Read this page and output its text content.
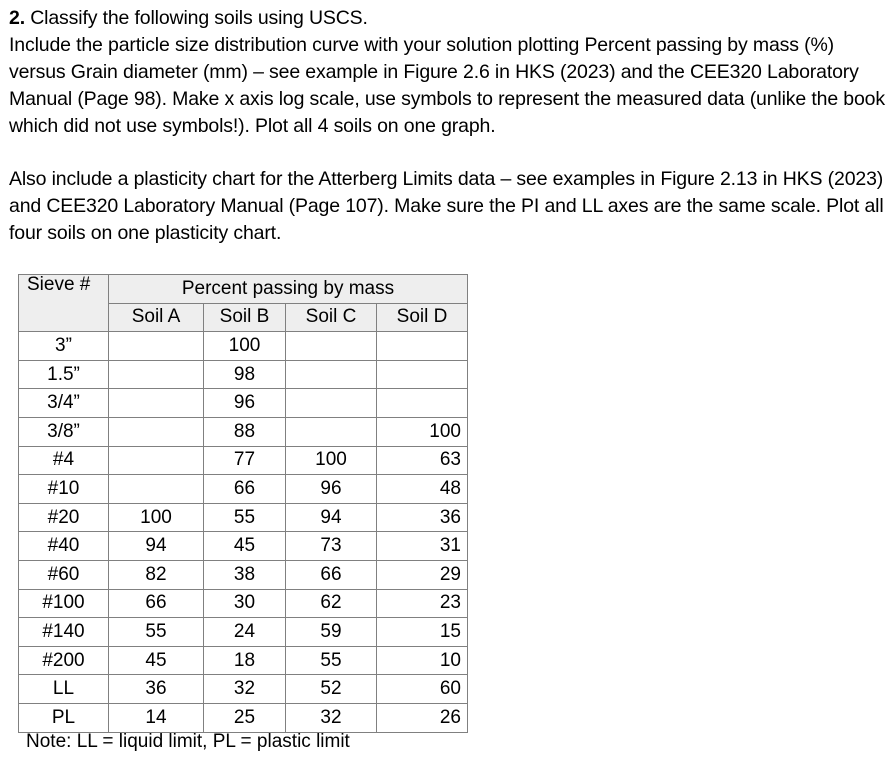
2. Classify the following soils using USCS.
Include the particle size distribution curve with your solution plotting Percent passing by mass (%) versus Grain diameter (mm) – see example in Figure 2.6 in HKS (2023) and the CEE320 Laboratory Manual (Page 98). Make x axis log scale, use symbols to represent the measured data (unlike the book which did not use symbols!). Plot all 4 soils on one graph.

Also include a plasticity chart for the Atterberg Limits data – see examples in Figure 2.13 in HKS (2023) and CEE320 Laboratory Manual (Page 107). Make sure the PI and LL axes are the same scale. Plot all four soils on one plasticity chart.

Sieve #	Percent passing by mass			
	Soil A	Soil B	Soil C	Soil D
3”		100		
1.5”		98		
3/4”		96		
3/8”		88		100
#4		77	100	63
#10		66	96	48
#20	100	55	94	36
#40	94	45	73	31
#60	82	38	66	29
#100	66	30	62	23
#140	55	24	59	15
#200	45	18	55	10
LL	36	32	52	60
PL	14	25	32	26

Note: LL = liquid limit, PL = plastic limit
